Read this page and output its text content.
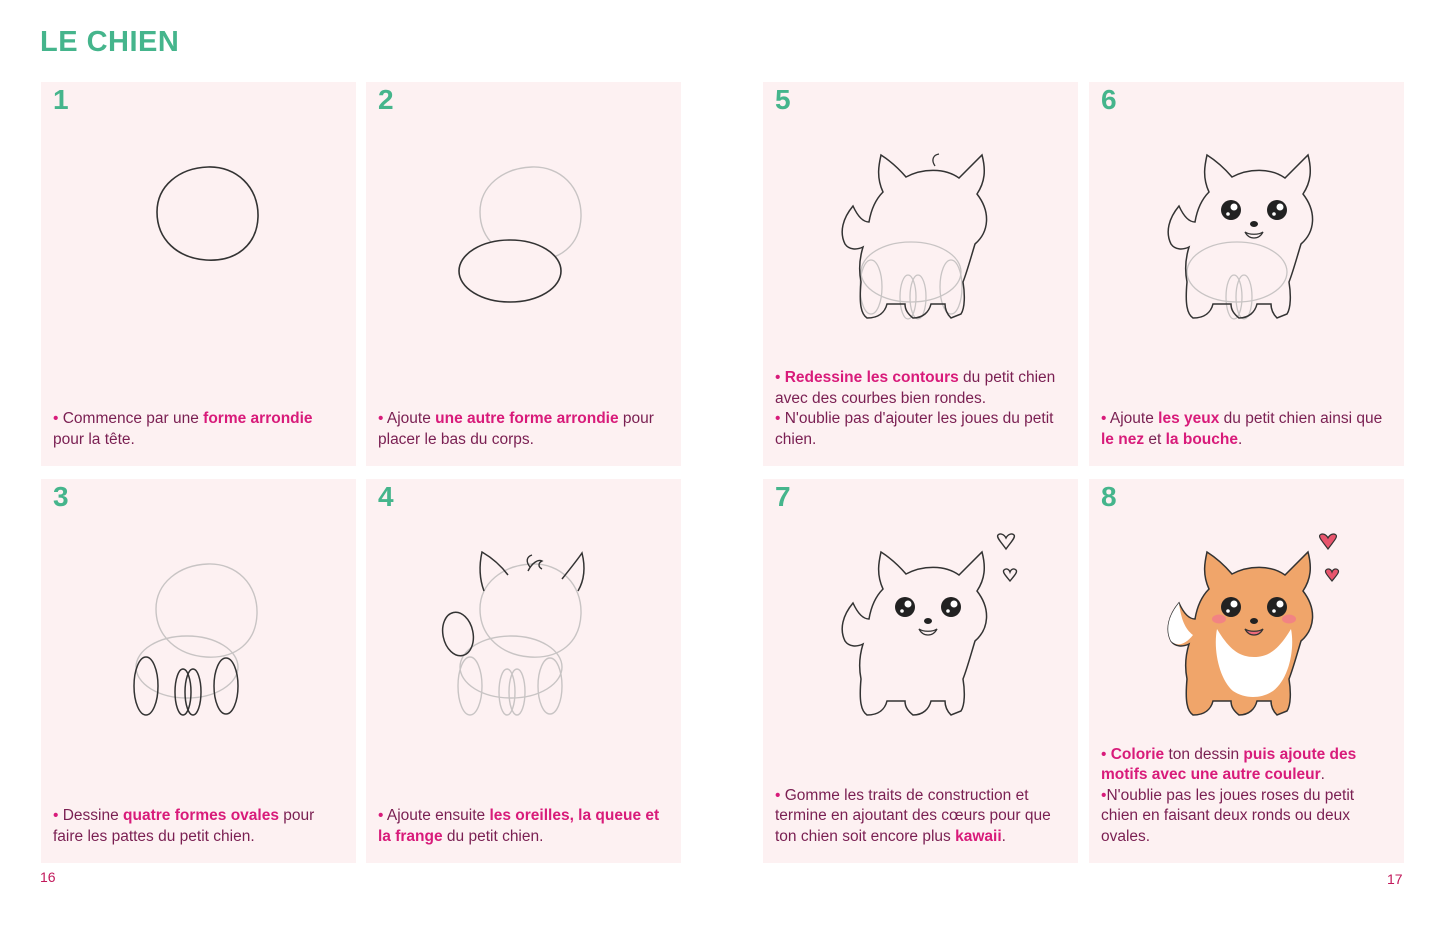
LE CHIEN
1

• Commence par une forme arrondie pour la tête.

2

• Ajoute une autre forme arrondie pour placer le bas du corps.

3

• Dessine quatre formes ovales pour faire les pattes du petit chien.

4

• Ajoute ensuite les oreilles, la queue et la frange du petit chien.

5

• Redessine les contours du petit chien avec des courbes bien rondes.

• N'oublie pas d'ajouter les joues du petit chien.

6

• Ajoute les yeux du petit chien ainsi que le nez et la bouche.

7

• Gomme les traits de construction et termine en ajoutant des cœurs pour que ton chien soit encore plus kawaii.

8

• Colorie ton dessin puis ajoute des motifs avec une autre couleur.

•N'oublie pas les joues roses du petit chien en faisant deux ronds ou deux ovales.

16	17
